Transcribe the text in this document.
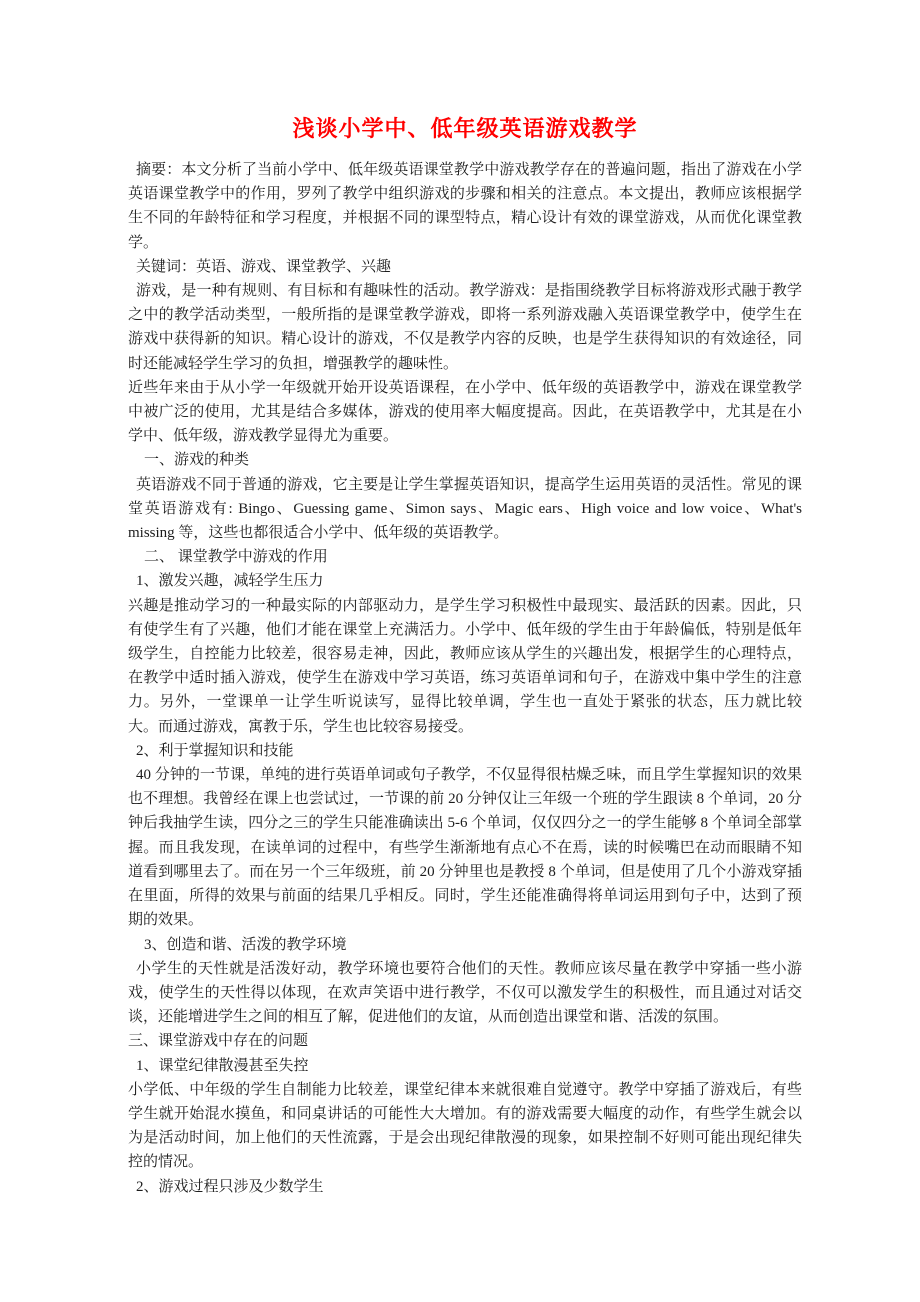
浅谈小学中、低年级英语游戏教学

摘要：本文分析了当前小学中、低年级英语课堂教学中游戏教学存在的普遍问题，指出了游戏在小学英语课堂教学中的作用，罗列了教学中组织游戏的步骤和相关的注意点。本文提出，教师应该根据学生不同的年龄特征和学习程度，并根据不同的课型特点，精心设计有效的课堂游戏，从而优化课堂教学。

关键词：英语、游戏、课堂教学、兴趣

游戏，是一种有规则、有目标和有趣味性的活动。教学游戏：是指围绕教学目标将游戏形式融于教学之中的教学活动类型，一般所指的是课堂教学游戏，即将一系列游戏融入英语课堂教学中，使学生在游戏中获得新的知识。精心设计的游戏，不仅是教学内容的反映，也是学生获得知识的有效途径，同时还能减轻学生学习的负担，增强教学的趣味性。

近些年来由于从小学一年级就开始开设英语课程，在小学中、低年级的英语教学中，游戏在课堂教学中被广泛的使用，尤其是结合多媒体，游戏的使用率大幅度提高。因此，在英语教学中，尤其是在小学中、低年级，游戏教学显得尤为重要。

一、游戏的种类

英语游戏不同于普通的游戏，它主要是让学生掌握英语知识，提高学生运用英语的灵活性。常见的课堂英语游戏有: Bingo、Guessing game、Simon says、Magic ears、High voice and low voice、What's missing 等，这些也都很适合小学中、低年级的英语教学。

二、 课堂教学中游戏的作用

1、激发兴趣，减轻学生压力

兴趣是推动学习的一种最实际的内部驱动力，是学生学习积极性中最现实、最活跃的因素。因此，只有使学生有了兴趣，他们才能在课堂上充满活力。小学中、低年级的学生由于年龄偏低，特别是低年级学生，自控能力比较差，很容易走神，因此，教师应该从学生的兴趣出发，根据学生的心理特点，在教学中适时插入游戏，使学生在游戏中学习英语，练习英语单词和句子，在游戏中集中学生的注意力。另外，一堂课单一让学生听说读写，显得比较单调，学生也一直处于紧张的状态，压力就比较大。而通过游戏，寓教于乐，学生也比较容易接受。

2、利于掌握知识和技能

40 分钟的一节课，单纯的进行英语单词或句子教学，不仅显得很枯燥乏味，而且学生掌握知识的效果也不理想。我曾经在课上也尝试过，一节课的前 20 分钟仅让三年级一个班的学生跟读 8 个单词，20 分钟后我抽学生读，四分之三的学生只能准确读出 5-6 个单词，仅仅四分之一的学生能够 8 个单词全部掌握。而且我发现，在读单词的过程中，有些学生渐渐地有点心不在焉，读的时候嘴巴在动而眼睛不知道看到哪里去了。而在另一个三年级班，前 20 分钟里也是教授 8 个单词，但是使用了几个小游戏穿插在里面，所得的效果与前面的结果几乎相反。同时，学生还能准确得将单词运用到句子中，达到了预期的效果。

3、创造和谐、活泼的教学环境

小学生的天性就是活泼好动，教学环境也要符合他们的天性。教师应该尽量在教学中穿插一些小游戏，使学生的天性得以体现，在欢声笑语中进行教学，不仅可以激发学生的积极性，而且通过对话交谈，还能增进学生之间的相互了解，促进他们的友谊，从而创造出课堂和谐、活泼的氛围。

三、课堂游戏中存在的问题

1、课堂纪律散漫甚至失控

小学低、中年级的学生自制能力比较差，课堂纪律本来就很难自觉遵守。教学中穿插了游戏后，有些学生就开始混水摸鱼，和同桌讲话的可能性大大增加。有的游戏需要大幅度的动作，有些学生就会以为是活动时间，加上他们的天性流露，于是会出现纪律散漫的现象，如果控制不好则可能出现纪律失控的情况。

2、游戏过程只涉及少数学生
